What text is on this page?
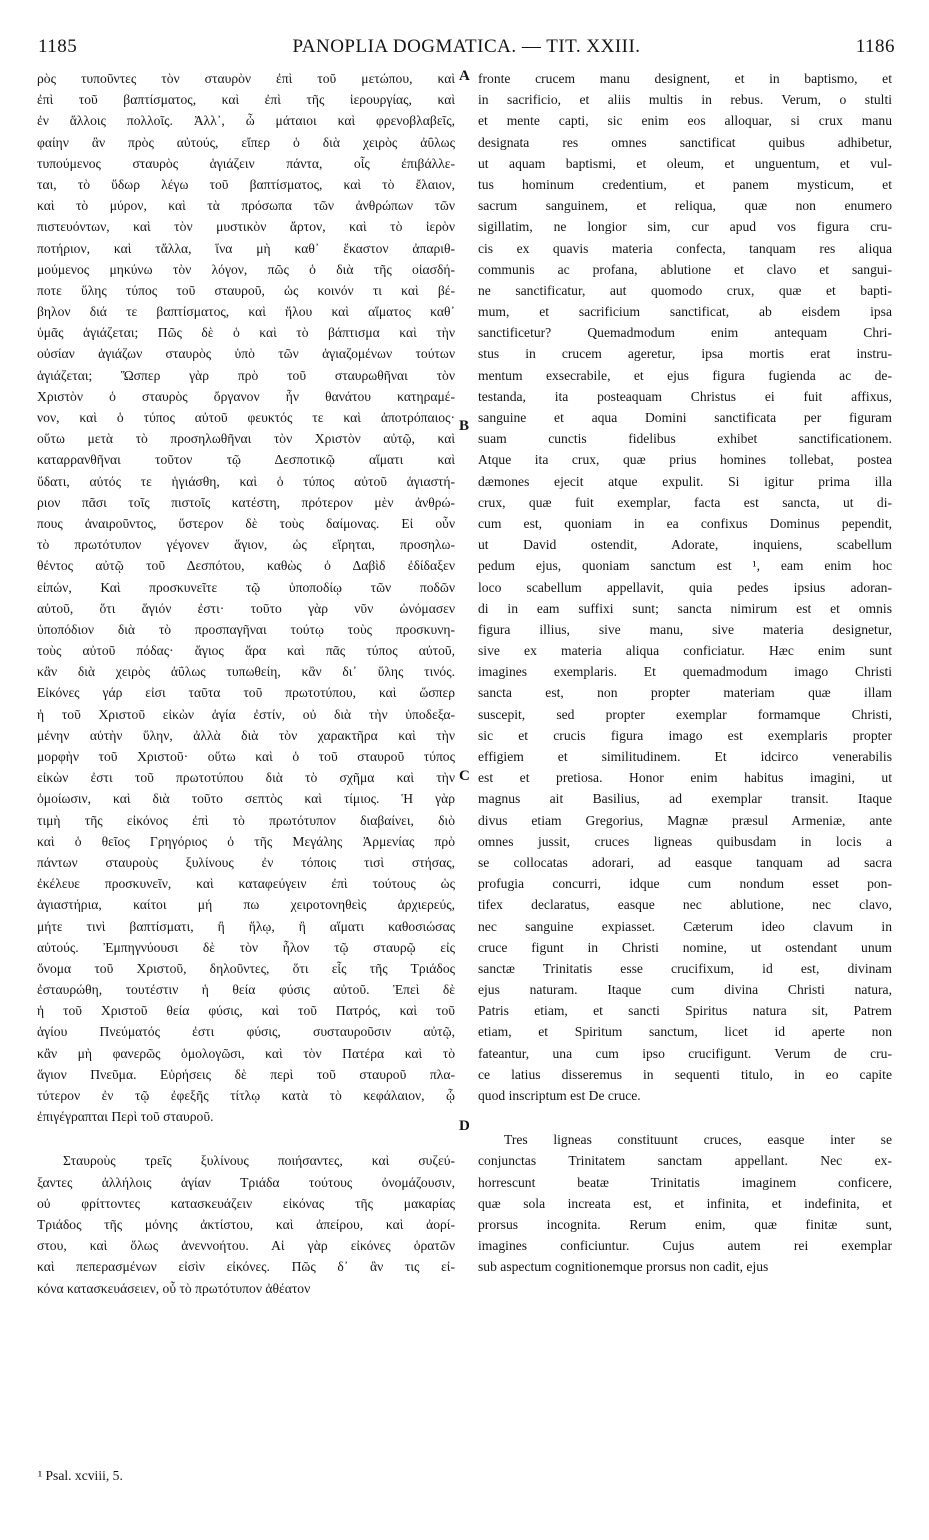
1185	PANOPLIA DOGMATICA. — TIT. XXIII.	1186
ρὸς τυποῦντες τὸν σταυρὸν ἐπὶ τοῦ μετώπου, καὶ
ἐπὶ τοῦ βαπτίσματος, καὶ ἐπὶ τῆς ἱερουργίας, καὶ
ἐν ἄλλοις πολλοῖς. Ἀλλ᾽, ὦ μάταιοι καὶ φρενοβλαβεῖς,
φαίην ἂν πρὸς αὐτούς, εἴπερ ὁ διὰ χειρὸς ἀΰλως
τυπούμενος σταυρὸς ἁγιάζειν πάντα, οἷς ἐπιβάλλε-
ται, τὸ ὕδωρ λέγω τοῦ βαπτίσματος, καὶ τὸ ἔλαιον,
καὶ τὸ μύρον, καὶ τὰ πρόσωπα τῶν ἀνθρώπων τῶν
πιστευόντων, καὶ τὸν μυστικὸν ἄρτον, καὶ τὸ ἱερὸν
ποτήριον, καὶ τἄλλα, ἵνα μὴ καθ᾽ ἕκαστον ἀπαριθ-
μούμενος μηκύνω τὸν λόγον, πῶς ὁ διὰ τῆς οἱασδή-
ποτε ὕλης τύπος τοῦ σταυροῦ, ὡς κοινόν τι καὶ βέ-
βηλον διά τε βαπτίσματος, καὶ ἥλου καὶ αἵματος καθ᾽
ὑμᾶς ἁγιάζεται; Πῶς δὲ ὁ καὶ τὸ βάπτισμα καὶ τὴν
οὐσίαν ἁγιάζων σταυρὸς ὑπὸ τῶν ἁγιαζομένων τούτων
ἁγιάζεται; Ὥσπερ γὰρ πρὸ τοῦ σταυρωθῆναι τὸν
Χριστὸν ὁ σταυρὸς ὄργανον ἦν θανάτου κατηραμέ-
νον, καὶ ὁ τύπος αὐτοῦ φευκτός τε καὶ ἀποτρόπαιος·
οὕτω μετὰ τὸ προσηλωθῆναι τὸν Χριστὸν αὐτῷ, καὶ
καταρρανθῆναι τοῦτον τῷ Δεσποτικῷ αἵματι καὶ
ὕδατι, αὐτός τε ἡγιάσθη, καὶ ὁ τύπος αὐτοῦ ἁγιαστή-
ριον πᾶσι τοῖς πιστοῖς κατέστη, πρότερον μὲν ἀνθρώ-
πους ἀναιροῦντος, ὕστερον δὲ τοὺς δαίμονας. Εἰ οὖν
τὸ πρωτότυπον γέγονεν ἅγιον, ὡς εἴρηται, προσηλω-
θέντος αὐτῷ τοῦ Δεσπότου, καθὼς ὁ Δαβὶδ ἐδίδαξεν
εἰπών, Καὶ προσκυνεῖτε τῷ ὑποποδίῳ τῶν ποδῶν
αὐτοῦ, ὅτι ἅγιόν ἐστι· τοῦτο γὰρ νῦν ὠνόμασεν
ὑποπόδιον διὰ τὸ προσπαγῆναι τούτῳ τοὺς προσκυνη-
τοὺς αὐτοῦ πόδας· ἅγιος ἄρα καὶ πᾶς τύπος αὐτοῦ,
κἂν διὰ χειρὸς ἀΰλως τυπωθείη, κἂν δι᾽ ὕλης τινός.
Εἰκόνες γάρ εἰσι ταῦτα τοῦ πρωτοτύπου, καὶ ὥσπερ
ἡ τοῦ Χριστοῦ εἰκὼν ἁγία ἐστίν, οὐ διὰ τὴν ὑποδεξα-
μένην αὐτὴν ὕλην, ἀλλὰ διὰ τὸν χαρακτῆρα καὶ τὴν
μορφὴν τοῦ Χριστοῦ· οὕτω καὶ ὁ τοῦ σταυροῦ τύπος
εἰκὼν ἐστι τοῦ πρωτοτύπου διὰ τὸ σχῆμα καὶ τὴν
ὁμοίωσιν, καὶ διὰ τοῦτο σεπτὸς καὶ τίμιος. Ἡ γὰρ
τιμὴ τῆς εἰκόνος ἐπὶ τὸ πρωτότυπον διαβαίνει, διὸ
καὶ ὁ θεῖος Γρηγόριος ὁ τῆς Μεγάλης Ἀρμενίας πρὸ
πάντων σταυροὺς ξυλίνους ἐν τόποις τισὶ στήσας,
ἐκέλευε προσκυνεῖν, καὶ καταφεύγειν ἐπὶ τούτους ὡς
ἁγιαστήρια, καίτοι μή πω χειροτονηθεὶς ἀρχιερεύς,
μήτε τινὶ βαπτίσματι, ἢ ἥλῳ, ἢ αἵματι καθοσιώσας
αὐτούς. Ἐμπηγνύουσι δὲ τὸν ἧλον τῷ σταυρῷ εἰς
ὄνομα τοῦ Χριστοῦ, δηλοῦντες, ὅτι εἷς τῆς Τριάδος
ἐσταυρώθη, τουτέστιν ἡ θεία φύσις αὐτοῦ. Ἐπεὶ δὲ
ἡ τοῦ Χριστοῦ θεία φύσις, καὶ τοῦ Πατρός, καὶ τοῦ
ἁγίου Πνεύματός ἐστι φύσις, συσταυροῦσιν αὐτῷ,
κἂν μὴ φανερῶς ὁμολογῶσι, καὶ τὸν Πατέρα καὶ τὸ
ἅγιον Πνεῦμα. Εὑρήσεις δὲ περὶ τοῦ σταυροῦ πλα-
τύτερον ἐν τῷ ἐφεξῆς τίτλῳ κατὰ τὸ κεφάλαιον, ᾧ
ἐπιγέγραπται Περὶ τοῦ σταυροῦ.
Σταυροὺς τρεῖς ξυλίνους ποιήσαντες, καὶ συζεύ-
ξαντες ἀλλήλοις ἁγίαν Τριάδα τούτους ὀνομάζουσιν,
οὐ φρίττοντες κατασκευάζειν εἰκόνας τῆς μακαρίας
Τριάδος τῆς μόνης ἀκτίστου, καὶ ἀπείρου, καὶ ἀορί-
στου, καὶ ὅλως ἀνεννοήτου. Αἱ γὰρ εἰκόνες ὁρατῶν
καὶ πεπερασμένων εἰσὶν εἰκόνες. Πῶς δ᾽ ἂν τις εἰ-
κόνα κατασκευάσειεν, οὗ τὸ πρωτότυπον ἀθέατον
fronte crucem manu designent, et in baptismo, et
in sacrificio, et aliis multis in rebus. Verum, o stulti
et mente capti, sic enim eos alloquar, si crux manu
designata res omnes sanctificat quibus adhibetur,
ut aquam baptismi, et oleum, et unguentum, et vul-
tus hominum credentium, et panem mysticum, et
sacrum sanguinem, et reliqua, quæ non enumero
sigillatim, ne longior sim, cur apud vos figura cru-
cis ex quavis materia confecta, tanquam res aliqua
communis ac profana, ablutione et clavo et sangui-
ne sanctificatur, aut quomodo crux, quæ et bapti-
mum, et sacrificium sanctificat, ab eisdem ipsa
sanctificetur? Quemadmodum enim antequam Chri-
stus in crucem ageretur, ipsa mortis erat instru-
mentum exsecrabile, et ejus figura fugienda ac de-
testanda, ita posteaquam Christus ei fuit affixus,
sanguine et aqua Domini sanctificata per figuram
suam cunctis fidelibus exhibet sanctificationem.
Atque ita crux, quæ prius homines tollebat, postea
dæmones ejecit atque expulit. Si igitur prima illa
crux, quæ fuit exemplar, facta est sancta, ut di-
cum est, quoniam in ea confixus Dominus pependit,
ut David ostendit, Adorate, inquiens, scabellum
pedum ejus, quoniam sanctum est ¹, eam enim hoc
loco scabellum appellavit, quia pedes ipsius adoran-
di in eam suffixi sunt; sancta nimirum est et omnis
figura illius, sive manu, sive materia designetur,
sive ex materia aliqua conficiatur. Hæc enim sunt
imagines exemplaris. Et quemadmodum imago Christi
sancta est, non propter materiam quæ illam
suscepit, sed propter exemplar formamque Christi,
sic et crucis figura imago est exemplaris propter
effigiem et similitudinem. Et idcirco venerabilis
est et pretiosa. Honor enim habitus imagini, ut
magnus ait Basilius, ad exemplar transit. Itaque
divus etiam Gregorius, Magnæ præsul Armeniæ, ante
omnes jussit, cruces ligneas quibusdam in locis a
se collocatas adorari, ad easque tanquam ad sacra
profugia concurri, idque cum nondum esset pon-
tifex declaratus, easque nec ablutione, nec clavo,
nec sanguine expiasset. Cæterum ideo clavum in
cruce figunt in Christi nomine, ut ostendant unum
sanctæ Trinitatis esse crucifixum, id est, divinam
ejus naturam. Itaque cum divina Christi natura,
Patris etiam, et sancti Spiritus natura sit, Patrem
etiam, et Spiritum sanctum, licet id aperte non
fateantur, una cum ipso crucifigunt. Verum de cru-
ce latius disseremus in sequenti titulo, in eo capite
quod inscriptum est De cruce.
Tres ligneas constituunt cruces, easque inter se
conjunctas Trinitatem sanctam appellant. Nec ex-
horrescunt beatæ Trinitatis imaginem conficere,
quæ sola increata est, et infinita, et indefinita, et
prorsus incognita. Rerum enim, quæ finitæ sunt,
imagines conficiuntur. Cujus autem rei exemplar
sub aspectum cognitionemque prorsus non cadit, ejus
A
B
C
D
¹ Psal. xcviii, 5.
